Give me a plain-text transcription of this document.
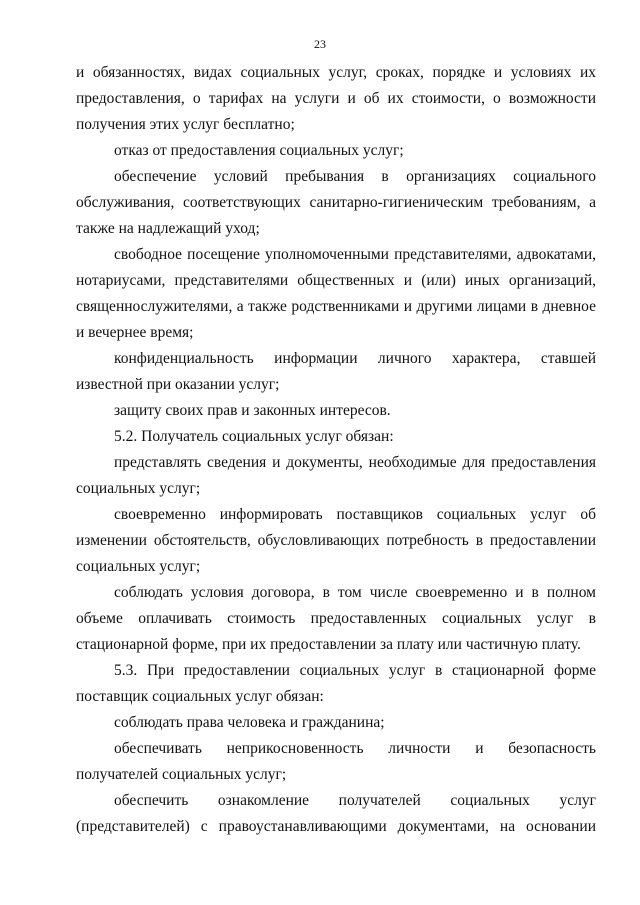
23

и обязанностях, видах социальных услуг, сроках, порядке и условиях их предоставления, о тарифах на услуги и об их стоимости, о возможности получения этих услуг бесплатно;

отказ от предоставления социальных услуг;

обеспечение условий пребывания в организациях социального обслуживания, соответствующих санитарно-гигиеническим требованиям, а также на надлежащий уход;

свободное посещение уполномоченными представителями, адвокатами, нотариусами, представителями общественных и (или) иных организаций, священнослужителями, а также родственниками и другими лицами в дневное и вечернее время;

конфиденциальность информации личного характера, ставшей известной при оказании услуг;

защиту своих прав и законных интересов.

5.2. Получатель социальных услуг обязан:

представлять сведения и документы, необходимые для предоставления социальных услуг;

своевременно информировать поставщиков социальных услуг об изменении обстоятельств, обусловливающих потребность в предоставлении социальных услуг;

соблюдать условия договора, в том числе своевременно и в полном объеме оплачивать стоимость предоставленных социальных услуг в стационарной форме, при их предоставлении за плату или частичную плату.

5.3. При предоставлении социальных услуг в стационарной форме поставщик социальных услуг обязан:

соблюдать права человека и гражданина;

обеспечивать неприкосновенность личности и безопасность получателей социальных услуг;

обеспечить ознакомление получателей социальных услуг (представителей) с правоустанавливающими документами, на основании
